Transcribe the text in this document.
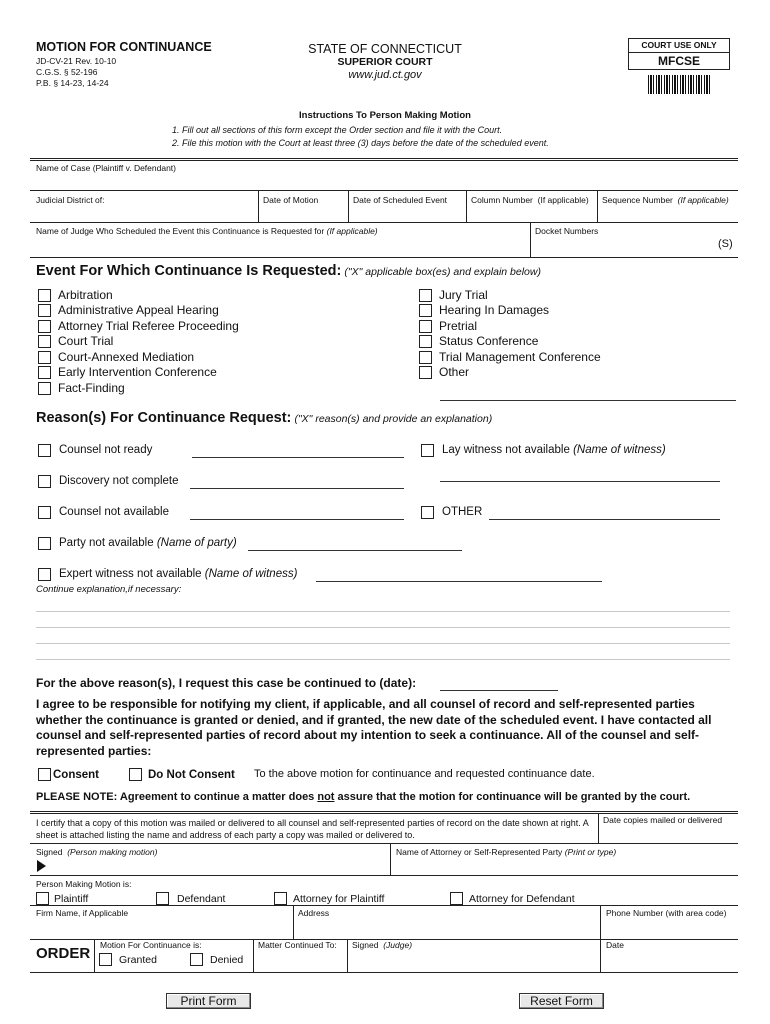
MOTION FOR CONTINUANCE
JD-CV-21 Rev. 10-10
C.G.S. § 52-196
P.B. § 14-23, 14-24
STATE OF CONNECTICUT
SUPERIOR COURT
www.jud.ct.gov
COURT USE ONLY
MFCSE
Instructions To Person Making Motion
1. Fill out all sections of this form except the Order section and file it with the Court.
2. File this motion with the Court at least three (3) days before the date of the scheduled event.
Name of Case (Plaintiff v. Defendant)
Judicial District of:	Date of Motion	Date of Scheduled Event	Column Number (If applicable) Sequence Number (If applicable)
Name of Judge Who Scheduled the Event this Continuance is Requested for (If applicable)	Docket Numbers
(S)
Event For Which Continuance Is Requested: ("X" applicable box(es) and explain below)
Arbitration
Administrative Appeal Hearing
Attorney Trial Referee Proceeding
Court Trial
Court-Annexed Mediation
Early Intervention Conference
Fact-Finding
Jury Trial
Hearing In Damages
Pretrial
Status Conference
Trial Management Conference
Other
Reason(s) For Continuance Request: ("X" reason(s) and provide an explanation)
Counsel not ready	Lay witness not available (Name of witness)
Discovery not complete
Counsel not available	OTHER
Party not available (Name of party)
Expert witness not available (Name of witness)
Continue explanation,if necessary:
For the above reason(s), I request this case be continued to (date):
I agree to be responsible for notifying my client, if applicable, and all counsel of record and self-represented parties whether the continuance is granted or denied, and if granted, the new date of the scheduled event. I have contacted all counsel and self-represented parties of record about my intention to seek a continuance. All of the counsel and self-represented parties:
Consent	Do Not Consent To the above motion for continuance and requested continuance date.
PLEASE NOTE: Agreement to continue a matter does not assure that the motion for continuance will be granted by the court.
I certify that a copy of this motion was mailed or delivered to all counsel and self-represented parties of record on the date shown at right. A sheet is attached listing the name and address of each party a copy was mailed or delivered to.
Date copies mailed or delivered
Signed (Person making motion)	Name of Attorney or Self-Represented Party (Print or type)
Person Making Motion is:
Plaintiff	Defendant	Attorney for Plaintiff	Attorney for Defendant
Firm Name, if Applicable	Address	Phone Number (with area code)
ORDER Motion For Continuance is:
Granted	Denied
Matter Continued To: Signed (Judge)	Date
Print Form	Reset Form
